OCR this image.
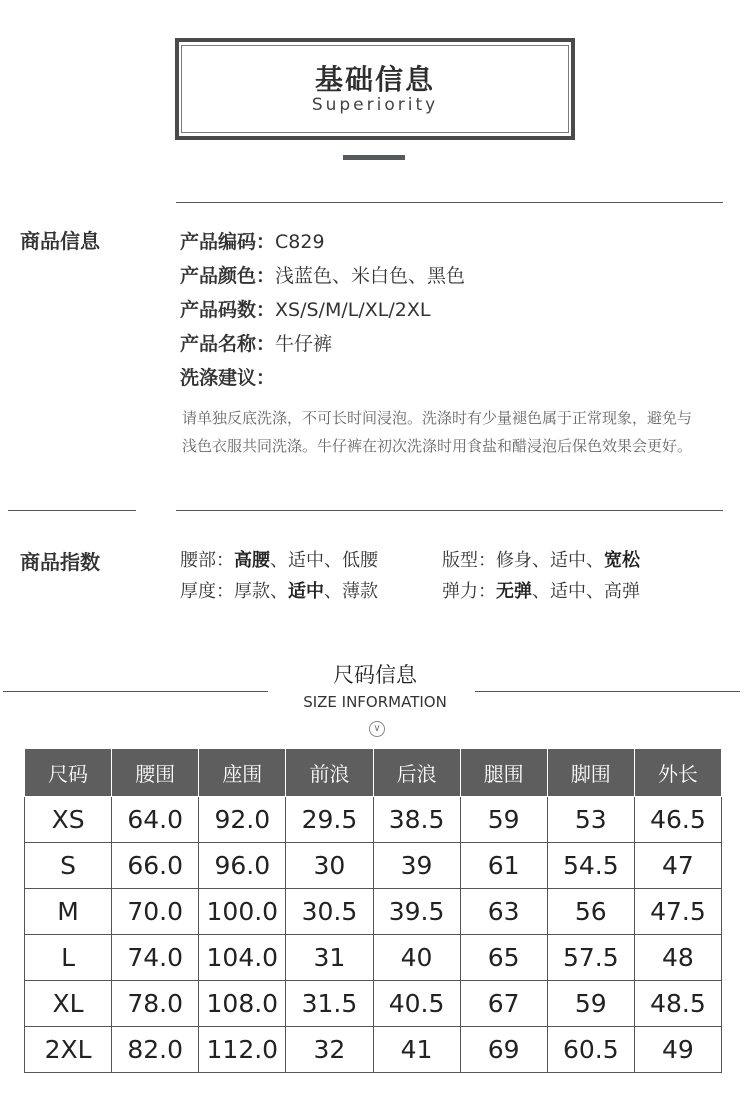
基础信息
Superiority
商品信息	产品编码：C829
产品颜色：浅蓝色、米白色、黑色
产品码数：XS/S/M/L/XL/2XL
产品名称：牛仔裤
洗涤建议：
请单独反底洗涤，不可长时间浸泡。洗涤时有少量褪色属于正常现象，避免与浅色衣服共同洗涤。牛仔裤在初次洗涤时用食盐和醋浸泡后保色效果会更好。
商品指数	腰部：高腰、适中、低腰	版型：修身、适中、宽松
厚度：厚款、适中、薄款	弹力：无弹、适中、高弹
尺码信息
SIZE INFORMATION
∨
尺码	腰围	座围	前浪	后浪	腿围	脚围	外长
XS	64.0	92.0	29.5	38.5	59	53	46.5
S	66.0	96.0	30	39	61	54.5	47
M	70.0	100.0	30.5	39.5	63	56	47.5
L	74.0	104.0	31	40	65	57.5	48
XL	78.0	108.0	31.5	40.5	67	59	48.5
2XL	82.0	112.0	32	41	69	60.5	49
